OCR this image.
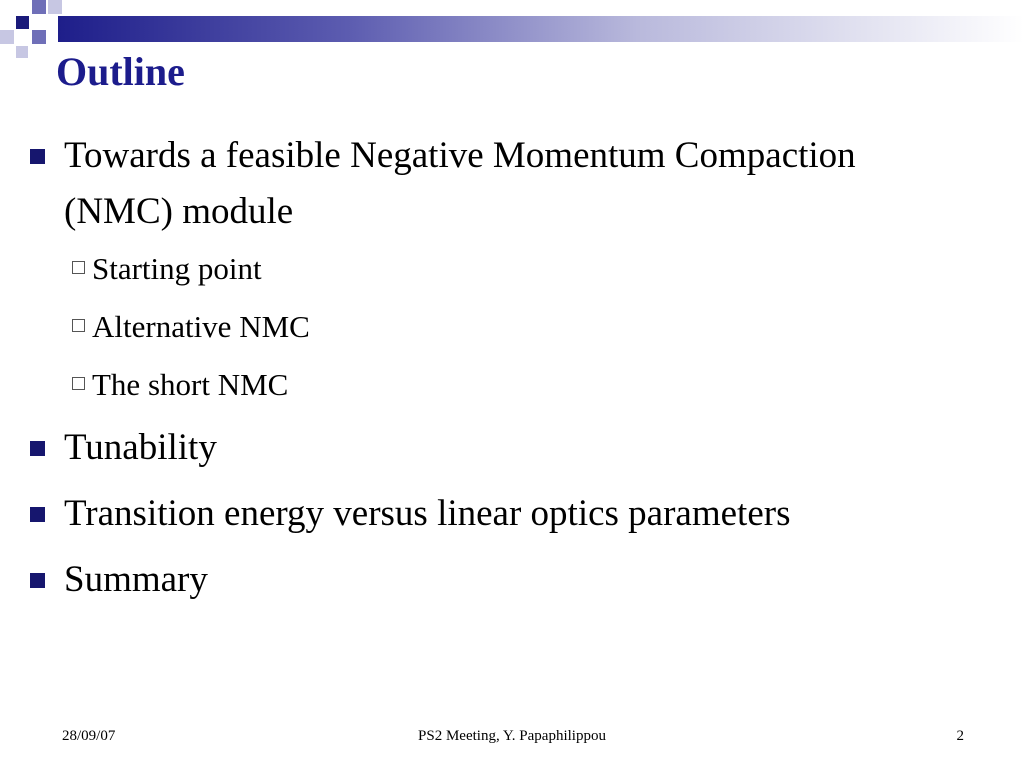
Outline
Towards a feasible Negative Momentum Compaction (NMC) module
Starting point
Alternative NMC
The short NMC
Tunability
Transition energy versus linear optics parameters
Summary
28/09/07	PS2 Meeting, Y. Papaphilippou	2
